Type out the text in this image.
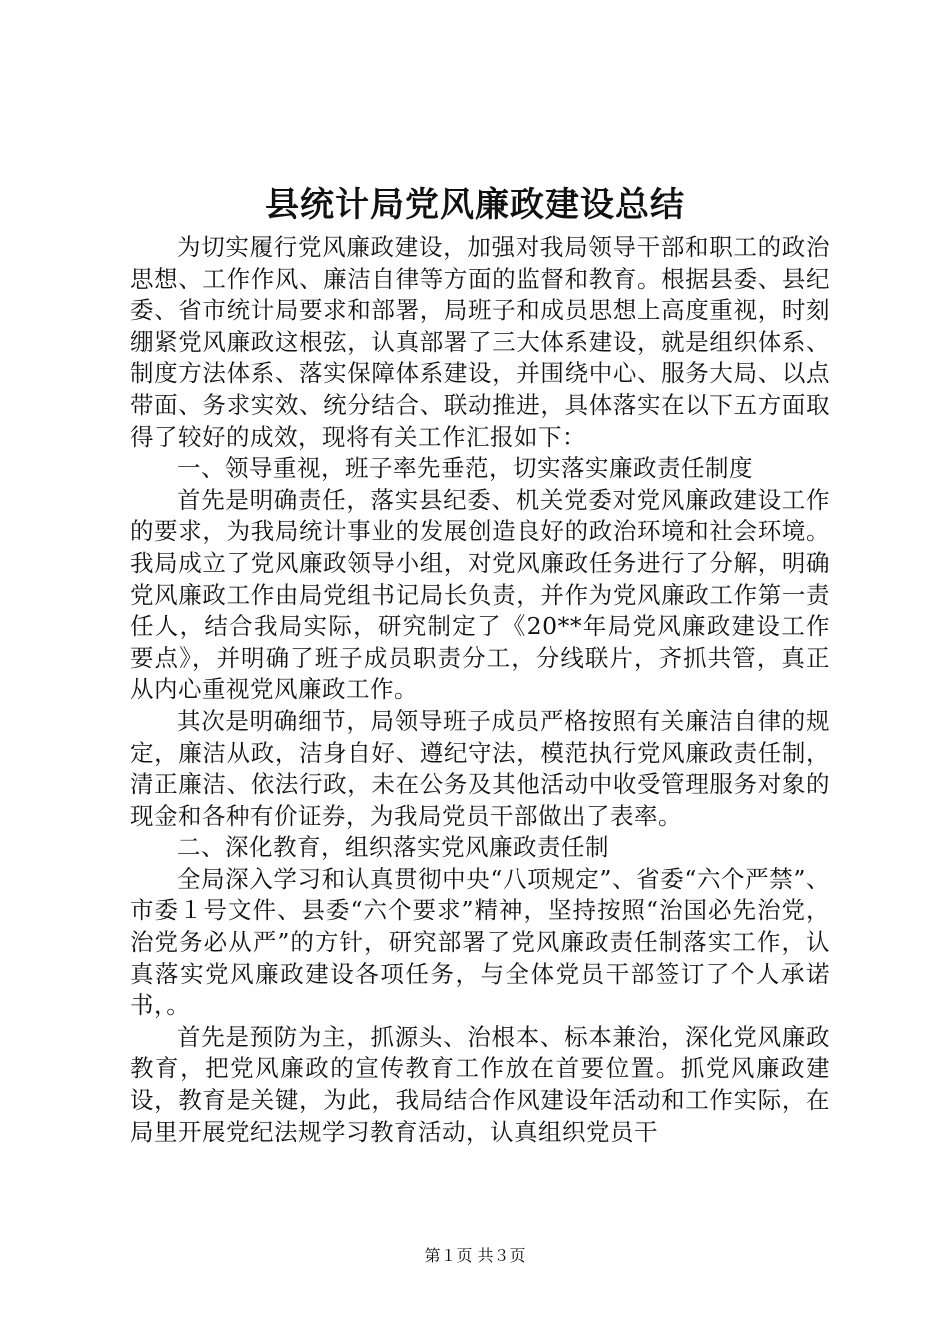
县统计局党风廉政建设总结

为切实履行党风廉政建设，加强对我局领导干部和职工的政治思想、工作作风、廉洁自律等方面的监督和教育。根据县委、县纪委、省市统计局要求和部署，局班子和成员思想上高度重视，时刻绷紧党风廉政这根弦，认真部署了三大体系建设，就是组织体系、制度方法体系、落实保障体系建设，并围绕中心、服务大局、以点带面、务求实效、统分结合、联动推进，具体落实在以下五方面取得了较好的成效，现将有关工作汇报如下：

一、领导重视，班子率先垂范，切实落实廉政责任制度

首先是明确责任，落实县纪委、机关党委对党风廉政建设工作的要求，为我局统计事业的发展创造良好的政治环境和社会环境。我局成立了党风廉政领导小组，对党风廉政任务进行了分解，明确党风廉政工作由局党组书记局长负责，并作为党风廉政工作第一责任人，结合我局实际，研究制定了《20**年局党风廉政建设工作要点》，并明确了班子成员职责分工，分线联片，齐抓共管，真正从内心重视党风廉政工作。

其次是明确细节，局领导班子成员严格按照有关廉洁自律的规定，廉洁从政，洁身自好、遵纪守法，模范执行党风廉政责任制，清正廉洁、依法行政，未在公务及其他活动中收受管理服务对象的现金和各种有价证券，为我局党员干部做出了表率。

二、深化教育，组织落实党风廉政责任制

全局深入学习和认真贯彻中央“八项规定”、省委“六个严禁”、市委１号文件、县委“六个要求”精神，坚持按照“治国必先治党，治党务必从严”的方针，研究部署了党风廉政责任制落实工作，认真落实党风廉政建设各项任务，与全体党员干部签订了个人承诺书，。

首先是预防为主，抓源头、治根本、标本兼治，深化党风廉政教育，把党风廉政的宣传教育工作放在首要位置。抓党风廉政建设，教育是关键，为此，我局结合作风建设年活动和工作实际，在局里开展党纪法规学习教育活动，认真组织党员干

第１页 共３页
